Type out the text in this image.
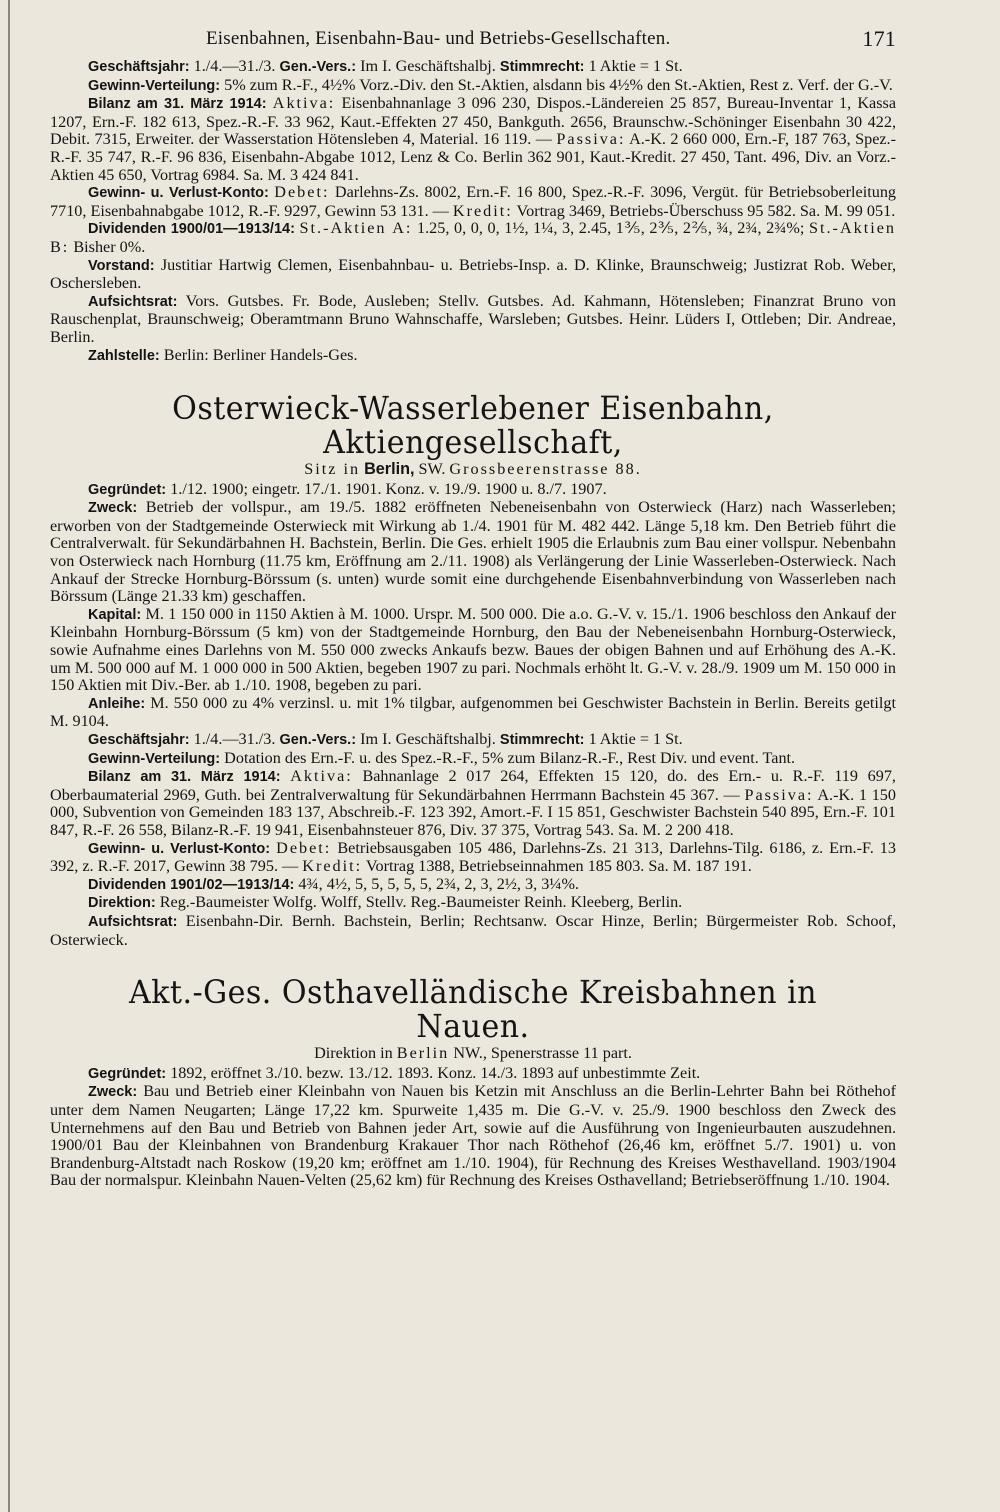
Eisenbahnen, Eisenbahn-Bau- und Betriebs-Gesellschaften.	171

Geschäftsjahr: 1./4.—31./3. Gen.-Vers.: Im I. Geschäftshalbj. Stimmrecht: 1 Aktie = 1 St.

Gewinn-Verteilung: 5% zum R.-F., 4½% Vorz.-Div. den St.-Aktien, alsdann bis 4½% den St.-Aktien, Rest z. Verf. der G.-V.

Bilanz am 31. März 1914: Aktiva: Eisenbahnanlage 3 096 230, Dispos.-Ländereien 25 857, Bureau-Inventar 1, Kassa 1207, Ern.-F. 182 613, Spez.-R.-F. 33 962, Kaut.-Effekten 27 450, Bankguth. 2656, Braunschw.-Schöninger Eisenbahn 30 422, Debit. 7315, Erweiter. der Wasserstation Hötensleben 4, Material. 16 119. — Passiva: A.-K. 2 660 000, Ern.-F, 187 763, Spez.-R.-F. 35 747, R.-F. 96 836, Eisenbahn-Abgabe 1012, Lenz & Co. Berlin 362 901, Kaut.-Kredit. 27 450, Tant. 496, Div. an Vorz.-Aktien 45 650, Vortrag 6984. Sa. M. 3 424 841.

Gewinn- u. Verlust-Konto: Debet: Darlehns-Zs. 8002, Ern.-F. 16 800, Spez.-R.-F. 3096, Vergüt. für Betriebsoberleitung 7710, Eisenbahnabgabe 1012, R.-F. 9297, Gewinn 53 131. — Kredit: Vortrag 3469, Betriebs-Überschuss 95 582. Sa. M. 99 051.

Dividenden 1900/01—1913/14: St.-Aktien A: 1.25, 0, 0, 0, 1½, 1¼, 3, 2.45, 1⅗, 2⅗, 2⅖, ¾, 2¾, 2¾%; St.-Aktien B: Bisher 0%.

Vorstand: Justitiar Hartwig Clemen, Eisenbahnbau- u. Betriebs-Insp. a. D. Klinke, Braunschweig; Justizrat Rob. Weber, Oschersleben.

Aufsichtsrat: Vors. Gutsbes. Fr. Bode, Ausleben; Stellv. Gutsbes. Ad. Kahmann, Hötensleben; Finanzrat Bruno von Rauschenplat, Braunschweig; Oberamtmann Bruno Wahnschaffe, Warsleben; Gutsbes. Heinr. Lüders I, Ottleben; Dir. Andreae, Berlin.

Zahlstelle: Berlin: Berliner Handels-Ges.

Osterwieck-Wasserlebener Eisenbahn, Aktiengesellschaft,

Sitz in Berlin, SW. Grossbeerenstrasse 88.

Gegründet: 1./12. 1900; eingetr. 17./1. 1901. Konz. v. 19./9. 1900 u. 8./7. 1907.

Zweck: Betrieb der vollspur., am 19./5. 1882 eröffneten Nebeneisenbahn von Osterwieck (Harz) nach Wasserleben; erworben von der Stadtgemeinde Osterwieck mit Wirkung ab 1./4. 1901 für M. 482 442. Länge 5,18 km. Den Betrieb führt die Centralverwalt. für Sekundärbahnen H. Bachstein, Berlin. Die Ges. erhielt 1905 die Erlaubnis zum Bau einer vollspur. Nebenbahn von Osterwieck nach Hornburg (11.75 km, Eröffnung am 2./11. 1908) als Verlängerung der Linie Wasserleben-Osterwieck. Nach Ankauf der Strecke Hornburg-Börssum (s. unten) wurde somit eine durchgehende Eisenbahnverbindung von Wasserleben nach Börssum (Länge 21.33 km) geschaffen.

Kapital: M. 1 150 000 in 1150 Aktien à M. 1000. Urspr. M. 500 000. Die a.o. G.-V. v. 15./1. 1906 beschloss den Ankauf der Kleinbahn Hornburg-Börssum (5 km) von der Stadtgemeinde Hornburg, den Bau der Nebeneisenbahn Hornburg-Osterwieck, sowie Aufnahme eines Darlehns von M. 550 000 zwecks Ankaufs bezw. Baues der obigen Bahnen und auf Erhöhung des A.-K. um M. 500 000 auf M. 1 000 000 in 500 Aktien, begeben 1907 zu pari. Nochmals erhöht lt. G.-V. v. 28./9. 1909 um M. 150 000 in 150 Aktien mit Div.-Ber. ab 1./10. 1908, begeben zu pari.

Anleihe: M. 550 000 zu 4% verzinsl. u. mit 1% tilgbar, aufgenommen bei Geschwister Bachstein in Berlin. Bereits getilgt M. 9104.

Geschäftsjahr: 1./4.—31./3. Gen.-Vers.: Im I. Geschäftshalbj. Stimmrecht: 1 Aktie = 1 St.

Gewinn-Verteilung: Dotation des Ern.-F. u. des Spez.-R.-F., 5% zum Bilanz-R.-F., Rest Div. und event. Tant.

Bilanz am 31. März 1914: Aktiva: Bahnanlage 2 017 264, Effekten 15 120, do. des Ern.- u. R.-F. 119 697, Oberbaumaterial 2969, Guth. bei Zentralverwaltung für Sekundärbahnen Herrmann Bachstein 45 367. — Passiva: A.-K. 1 150 000, Subvention von Gemeinden 183 137, Abschreib.-F. 123 392, Amort.-F. I 15 851, Geschwister Bachstein 540 895, Ern.-F. 101 847, R.-F. 26 558, Bilanz-R.-F. 19 941, Eisenbahnsteuer 876, Div. 37 375, Vortrag 543. Sa. M. 2 200 418.

Gewinn- u. Verlust-Konto: Debet: Betriebsausgaben 105 486, Darlehns-Zs. 21 313, Darlehns-Tilg. 6186, z. Ern.-F. 13 392, z. R.-F. 2017, Gewinn 38 795. — Kredit: Vortrag 1388, Betriebseinnahmen 185 803. Sa. M. 187 191.

Dividenden 1901/02—1913/14: 4¾, 4½, 5, 5, 5, 5, 5, 2¾, 2, 3, 2½, 3, 3¼%.

Direktion: Reg.-Baumeister Wolfg. Wolff, Stellv. Reg.-Baumeister Reinh. Kleeberg, Berlin.

Aufsichtsrat: Eisenbahn-Dir. Bernh. Bachstein, Berlin; Rechtsanw. Oscar Hinze, Berlin; Bürgermeister Rob. Schoof, Osterwieck.

Akt.-Ges. Osthavelländische Kreisbahnen in Nauen.

Direktion in Berlin NW., Spenerstrasse 11 part.

Gegründet: 1892, eröffnet 3./10. bezw. 13./12. 1893. Konz. 14./3. 1893 auf unbestimmte Zeit.

Zweck: Bau und Betrieb einer Kleinbahn von Nauen bis Ketzin mit Anschluss an die Berlin-Lehrter Bahn bei Röthehof unter dem Namen Neugarten; Länge 17,22 km. Spurweite 1,435 m. Die G.-V. v. 25./9. 1900 beschloss den Zweck des Unternehmens auf den Bau und Betrieb von Bahnen jeder Art, sowie auf die Ausführung von Ingenieurbauten auszudehnen. 1900/01 Bau der Kleinbahnen von Brandenburg Krakauer Thor nach Röthehof (26,46 km, eröffnet 5./7. 1901) u. von Brandenburg-Altstadt nach Roskow (19,20 km; eröffnet am 1./10. 1904), für Rechnung des Kreises Westhavelland. 1903/1904 Bau der normalspur. Kleinbahn Nauen-Velten (25,62 km) für Rechnung des Kreises Osthavelland; Betriebseröffnung 1./10. 1904.
